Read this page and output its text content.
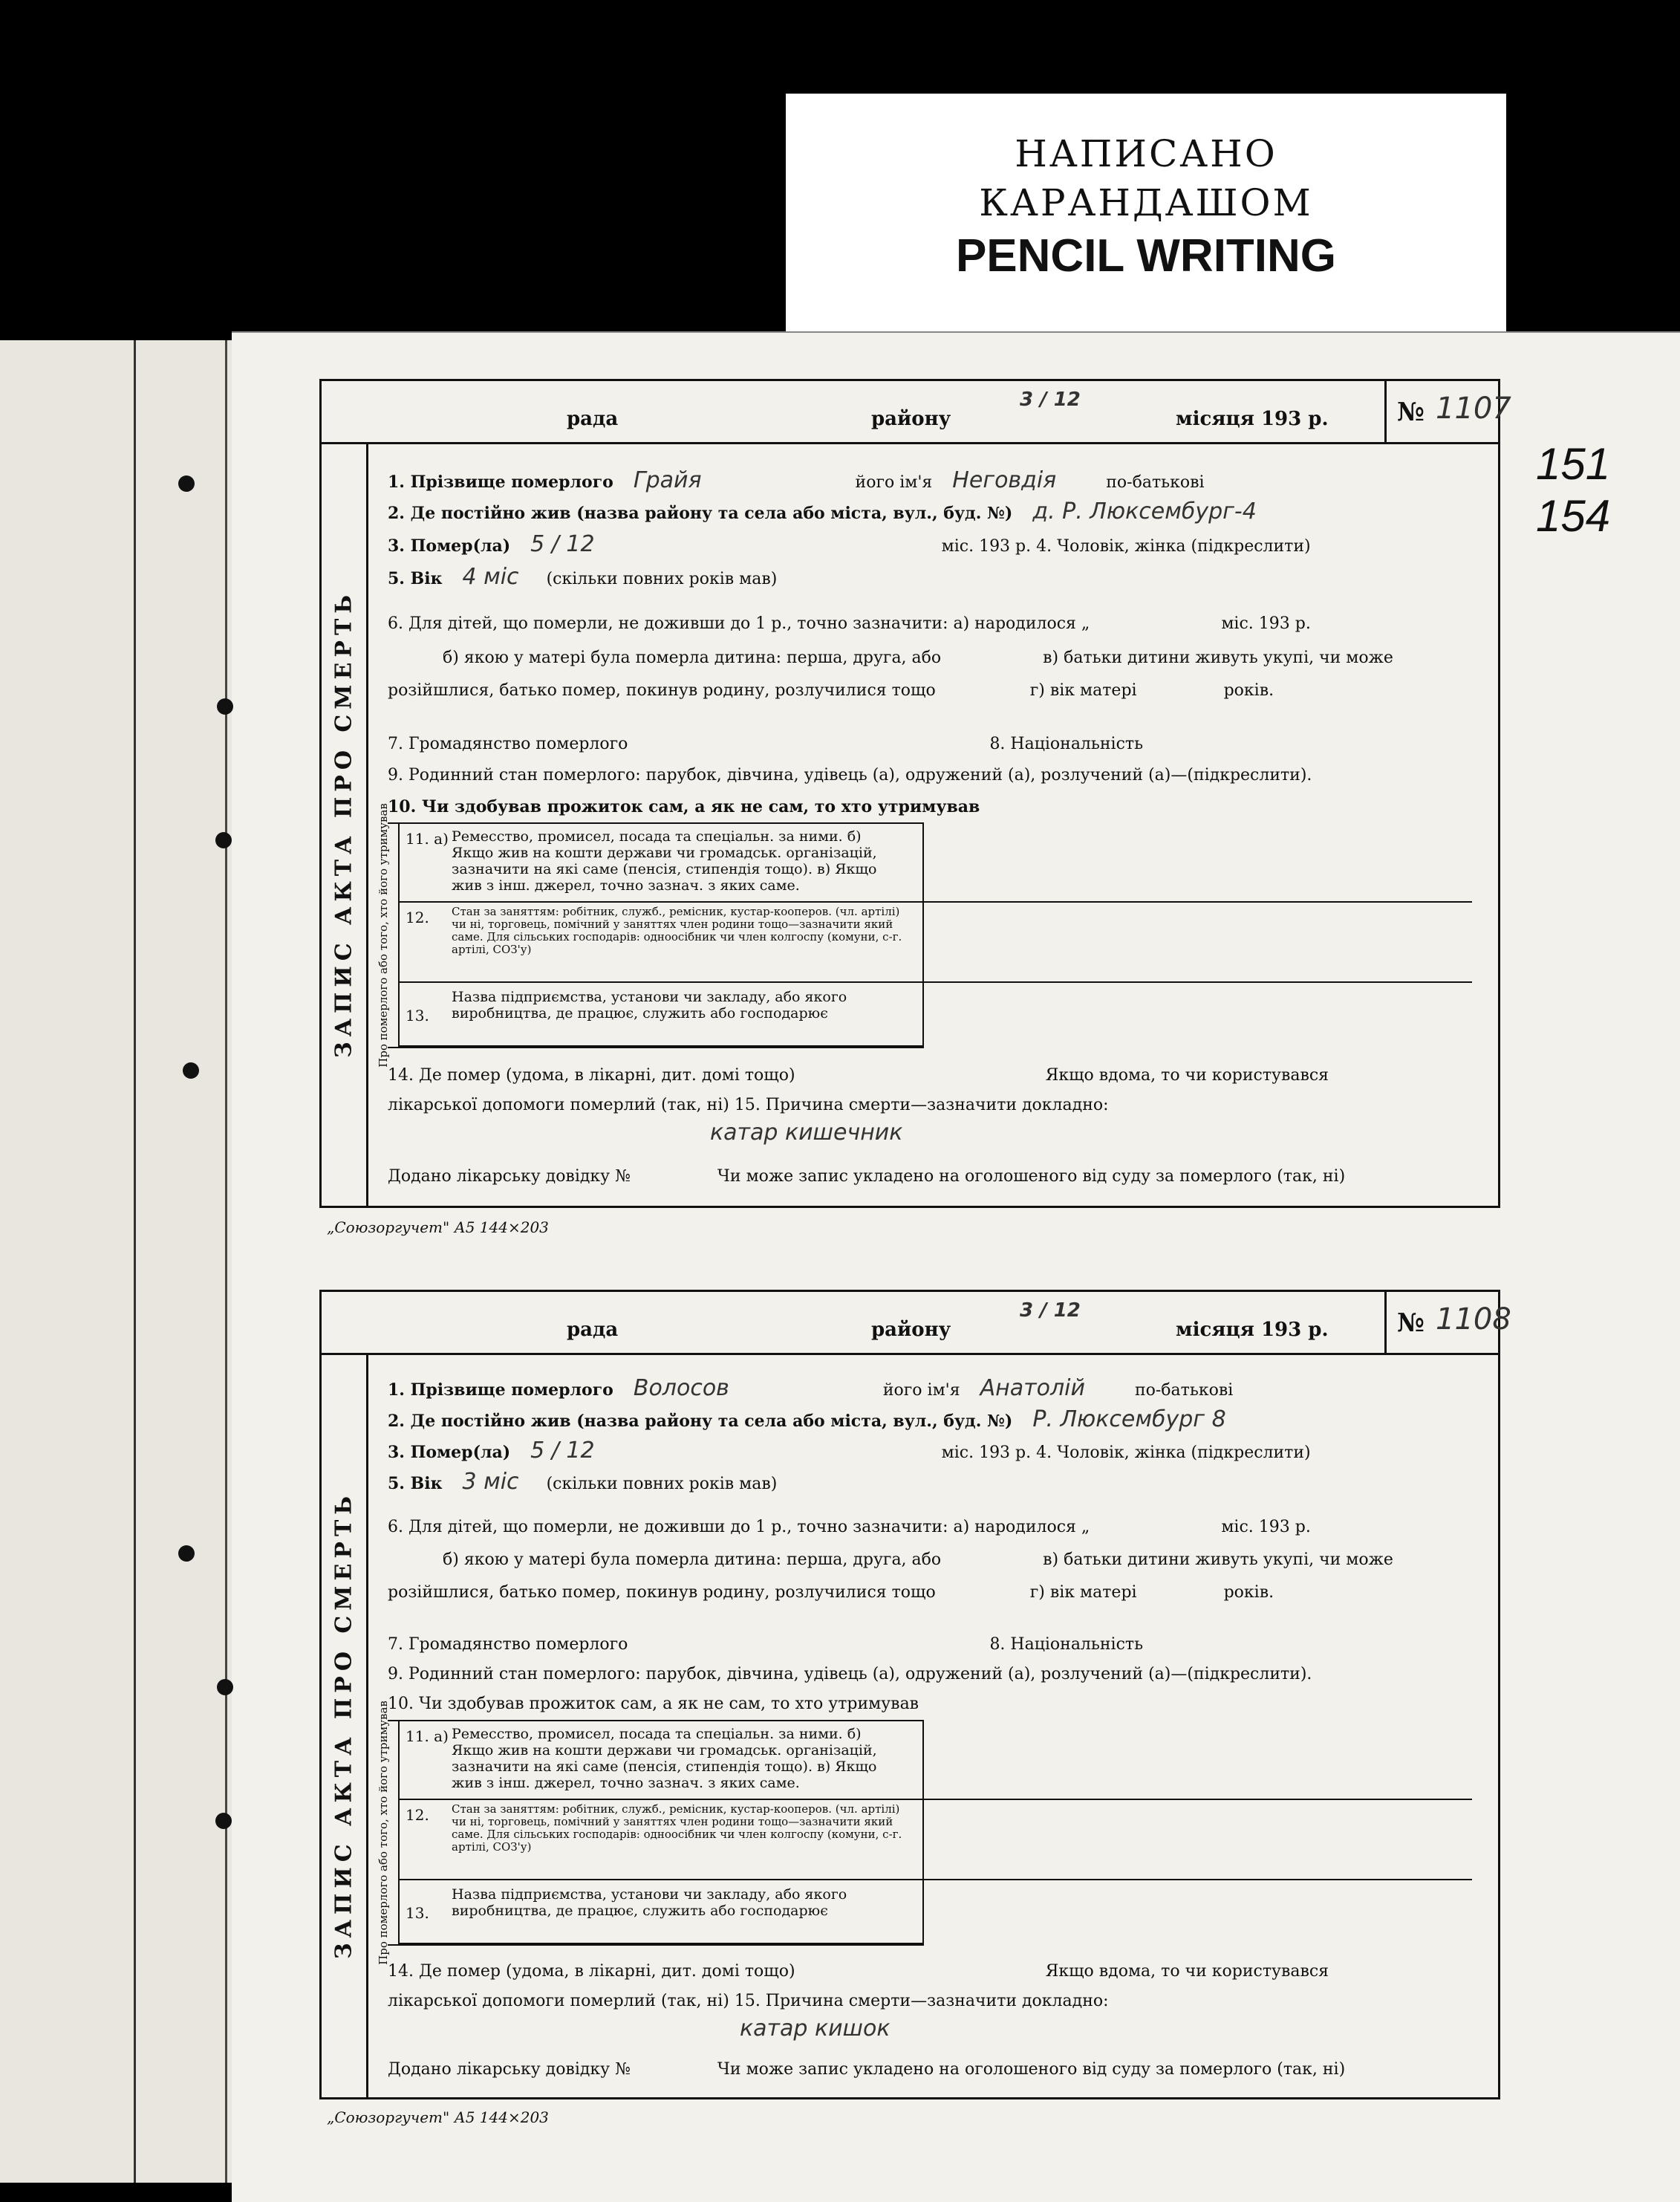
НАПИСАНО
КАРАНДАШОМ
PENCIL WRITING
151
154
рада	району
3 / 12
місяця 193 р.	№ 1107
ЗАПИС АКТА ПРО СМЕРТЬ
1. Прізвище померлого Грайя	його ім'я Неговдія	по-батькові
2. Де постійно жив (назва району та села або міста, вул., буд. №) д. Р. Люксембург-4
3. Помер(ла) 5 / 12	міс. 193 р. 4. Чоловік, жінка (підкреслити)
5. Вік 4 міс (скільки повних років мав)
6. Для дітей, що померли, не доживши до 1 р., точно зазначити: а) народилося „	міс. 193 р.
б) якою у матері була померла дитина: перша, друга, або	в) батьки дитини живуть укупі, чи може
розійшлися, батько помер, покинув родину, розлучилися тощо	г) вік матері	років.
7. Громадянство померлого	8. Національність
9. Родинний стан померлого: парубок, дівчина, удівець (а), одружений (а), розлучений (а)—(підкреслити).
10. Чи здобував прожиток сам, а як не сам, то хто утримував
Про померлого або того, хто його утримував 11. а) Ремесство, промисел, посада та спеціальн. за ними. б) Якщо жив на кошти держави чи громадськ. організацій, зазначити на які саме (пенсія, стипендія тощо). в) Якщо жив з інш. джерел, точно зазнач. з яких саме.
12. Стан за заняттям: робітник, служб., ремісник, кустар-кооперов. (чл. артілі) чи ні, торговець, помічний у заняттях член родини тощо—зазначити який саме. Для сільських господарів: одноосібник чи член колгоспу (комуни, с-г. артілі, СОЗ'у)
13.
Назва підприємства, установи чи закладу, або якого виробництва, де працює, служить або господарює
14. Де помер (удома, в лікарні, дит. домі тощо)	Якщо вдома, то чи користувався
лікарської допомоги померлий (так, ні) 15. Причина смерти—зазначити докладно:
катар кишечник
Додано лікарську довідку №	Чи може запис укладено на оголошеного від суду за померлого (так, ні)
„Союзоргучет" А5 144×203
рада	району
3 / 12
місяця 193 р.	№ 1108
ЗАПИС АКТА ПРО СМЕРТЬ
1. Прізвище померлого Волосов	його ім'я Анатолій	по-батькові
2. Де постійно жив (назва району та села або міста, вул., буд. №) Р. Люксембург 8
3. Помер(ла) 5 / 12	міс. 193 р. 4. Чоловік, жінка (підкреслити)
5. Вік 3 міс (скільки повних років мав)
6. Для дітей, що померли, не доживши до 1 р., точно зазначити: а) народилося „	міс. 193 р.
б) якою у матері була померла дитина: перша, друга, або	в) батьки дитини живуть укупі, чи може
розійшлися, батько помер, покинув родину, розлучилися тощо	г) вік матері	років.
7. Громадянство померлого	8. Національність
9. Родинний стан померлого: парубок, дівчина, удівець (а), одружений (а), розлучений (а)—(підкреслити).
10. Чи здобував прожиток сам, а як не сам, то хто утримував
Про померлого або того, хто його утримував 11. а) Ремесство, промисел, посада та спеціальн. за ними. б) Якщо жив на кошти держави чи громадськ. організацій, зазначити на які саме (пенсія, стипендія тощо). в) Якщо жив з інш. джерел, точно зазнач. з яких саме.
12. Стан за заняттям: робітник, служб., ремісник, кустар-кооперов. (чл. артілі) чи ні, торговець, помічний у заняттях член родини тощо—зазначити який саме. Для сільських господарів: одноосібник чи член колгоспу (комуни, с-г. артілі, СОЗ'у)
13.
Назва підприємства, установи чи закладу, або якого виробництва, де працює, служить або господарює
14. Де помер (удома, в лікарні, дит. домі тощо)	Якщо вдома, то чи користувався
лікарської допомоги померлий (так, ні) 15. Причина смерти—зазначити докладно:
катар кишок
Додано лікарську довідку №	Чи може запис укладено на оголошеного від суду за померлого (так, ні)
„Союзоргучет" А5 144×203
